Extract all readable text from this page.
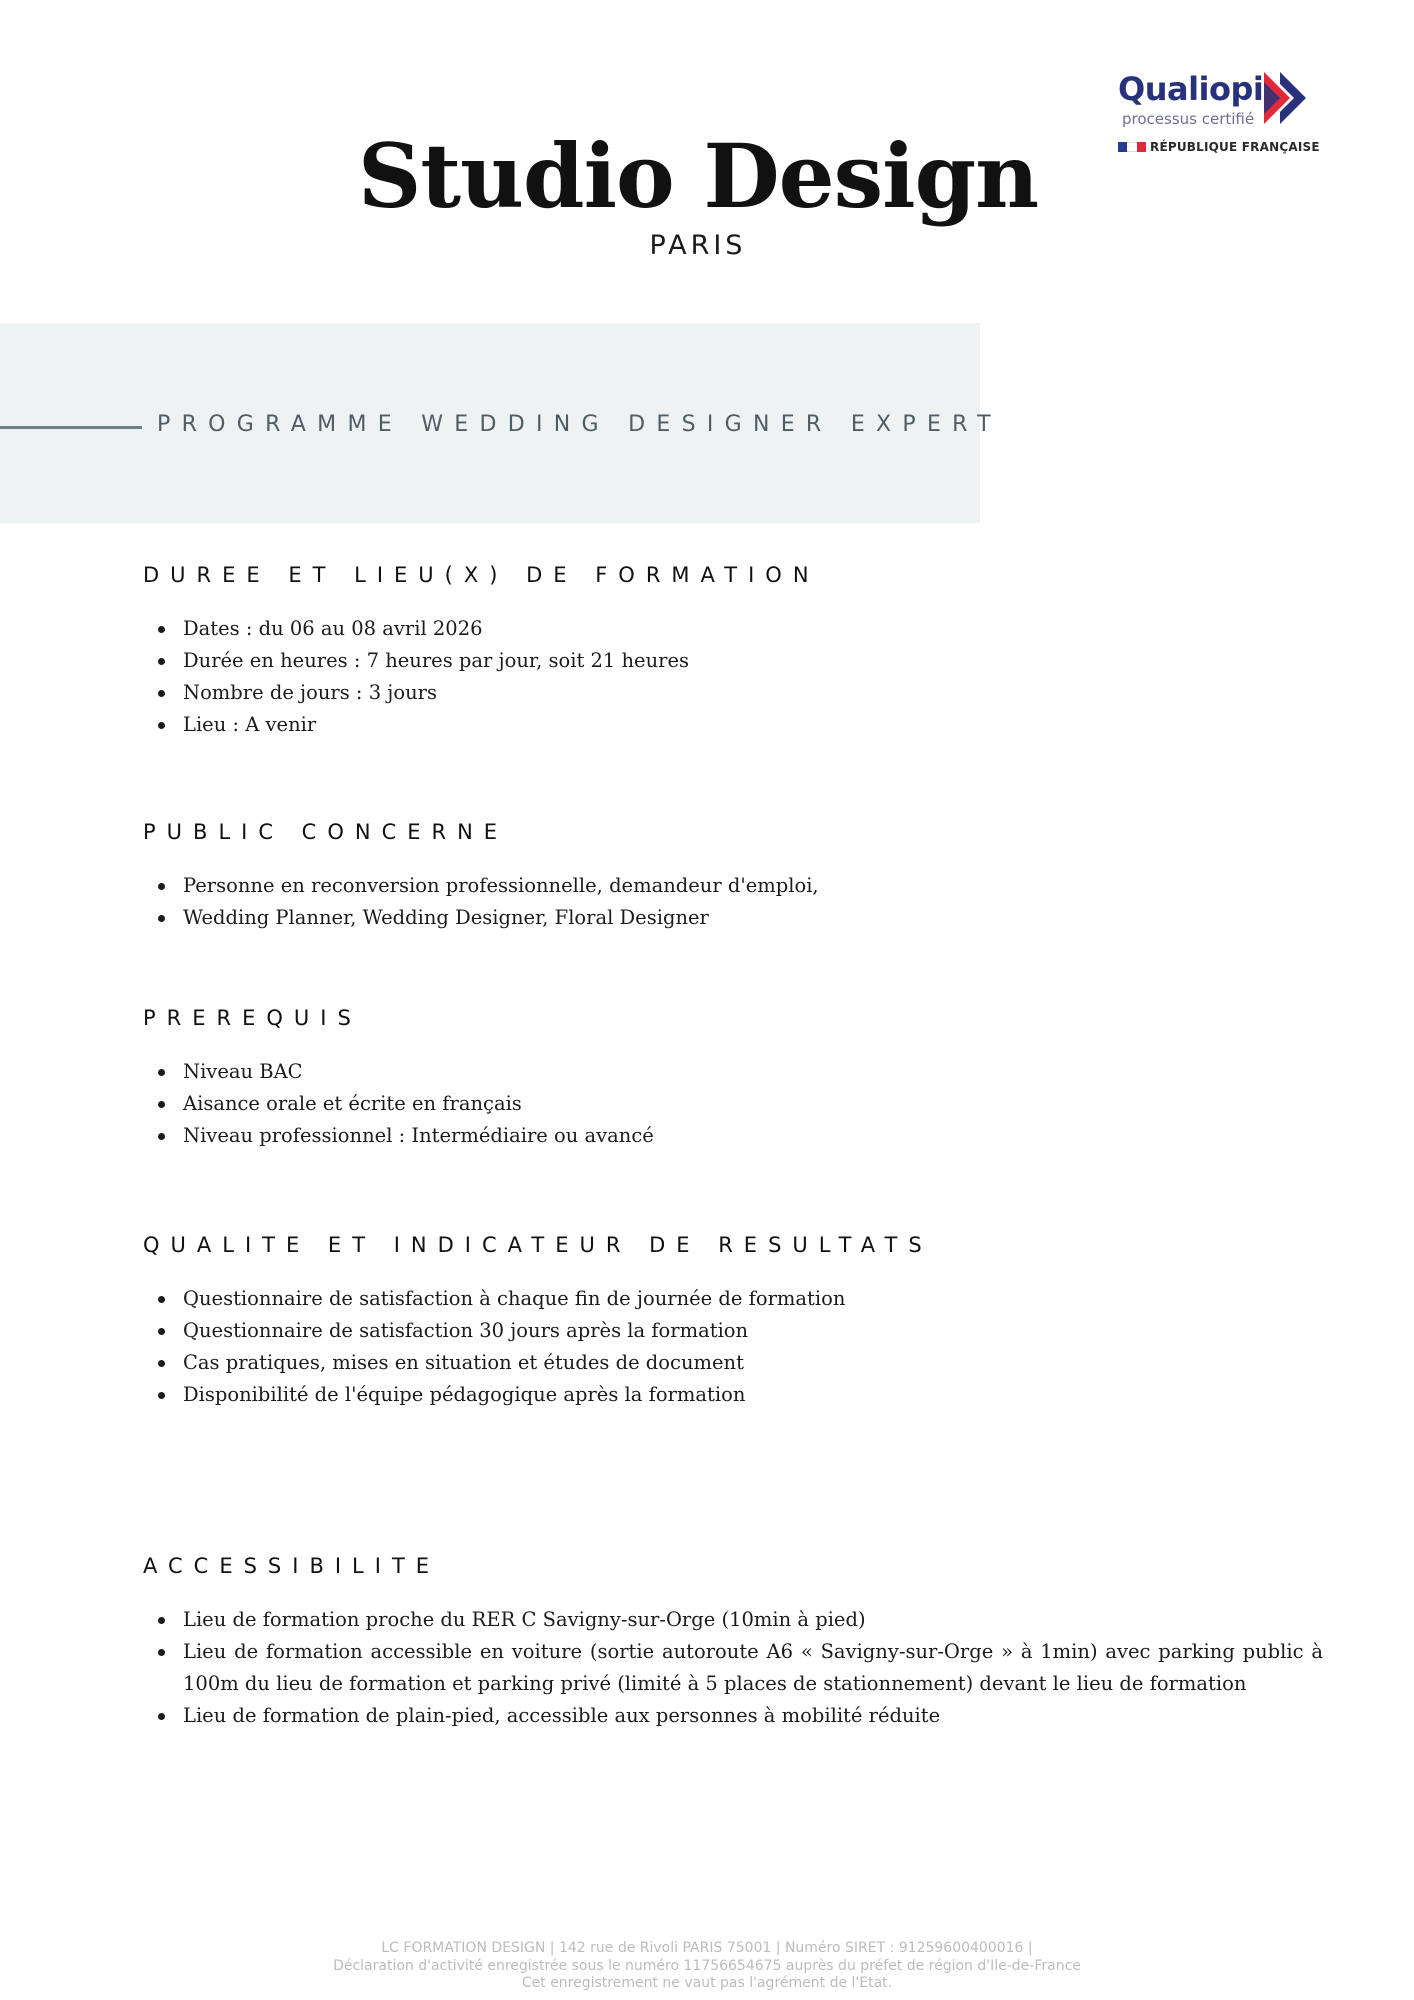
Qualiopi
processus certifié
RÉPUBLIQUE FRANÇAISE
Studio Design
PARIS
PROGRAMME WEDDING DESIGNER EXPERT
DUREE ET LIEU(X) DE FORMATION
Dates : du 06 au 08 avril 2026
Durée en heures : 7 heures par jour, soit 21 heures
Nombre de jours : 3 jours
Lieu : A venir
PUBLIC CONCERNE
Personne en reconversion professionnelle, demandeur d'emploi,
Wedding Planner, Wedding Designer, Floral Designer
PREREQUIS
Niveau BAC
Aisance orale et écrite en français
Niveau professionnel : Intermédiaire ou avancé
QUALITE ET INDICATEUR DE RESULTATS
Questionnaire de satisfaction à chaque fin de journée de formation
Questionnaire de satisfaction 30 jours après la formation
Cas pratiques, mises en situation et études de document
Disponibilité de l'équipe pédagogique après la formation
ACCESSIBILITE
Lieu de formation proche du RER C Savigny-sur-Orge (10min à pied)
Lieu de formation accessible en voiture (sortie autoroute A6 « Savigny-sur-Orge » à 1min) avec parking public à 100m du lieu de formation et parking privé (limité à 5 places de stationnement) devant le lieu de formation
Lieu de formation de plain-pied, accessible aux personnes à mobilité réduite
LC FORMATION DESIGN | 142 rue de Rivoli PARIS 75001 | Numéro SIRET : 91259600400016 |
Déclaration d'activité enregistrée sous le numéro 11756654675 auprès du préfet de région d'Ile-de-France
Cet enregistrement ne vaut pas l'agrément de l'Etat.
